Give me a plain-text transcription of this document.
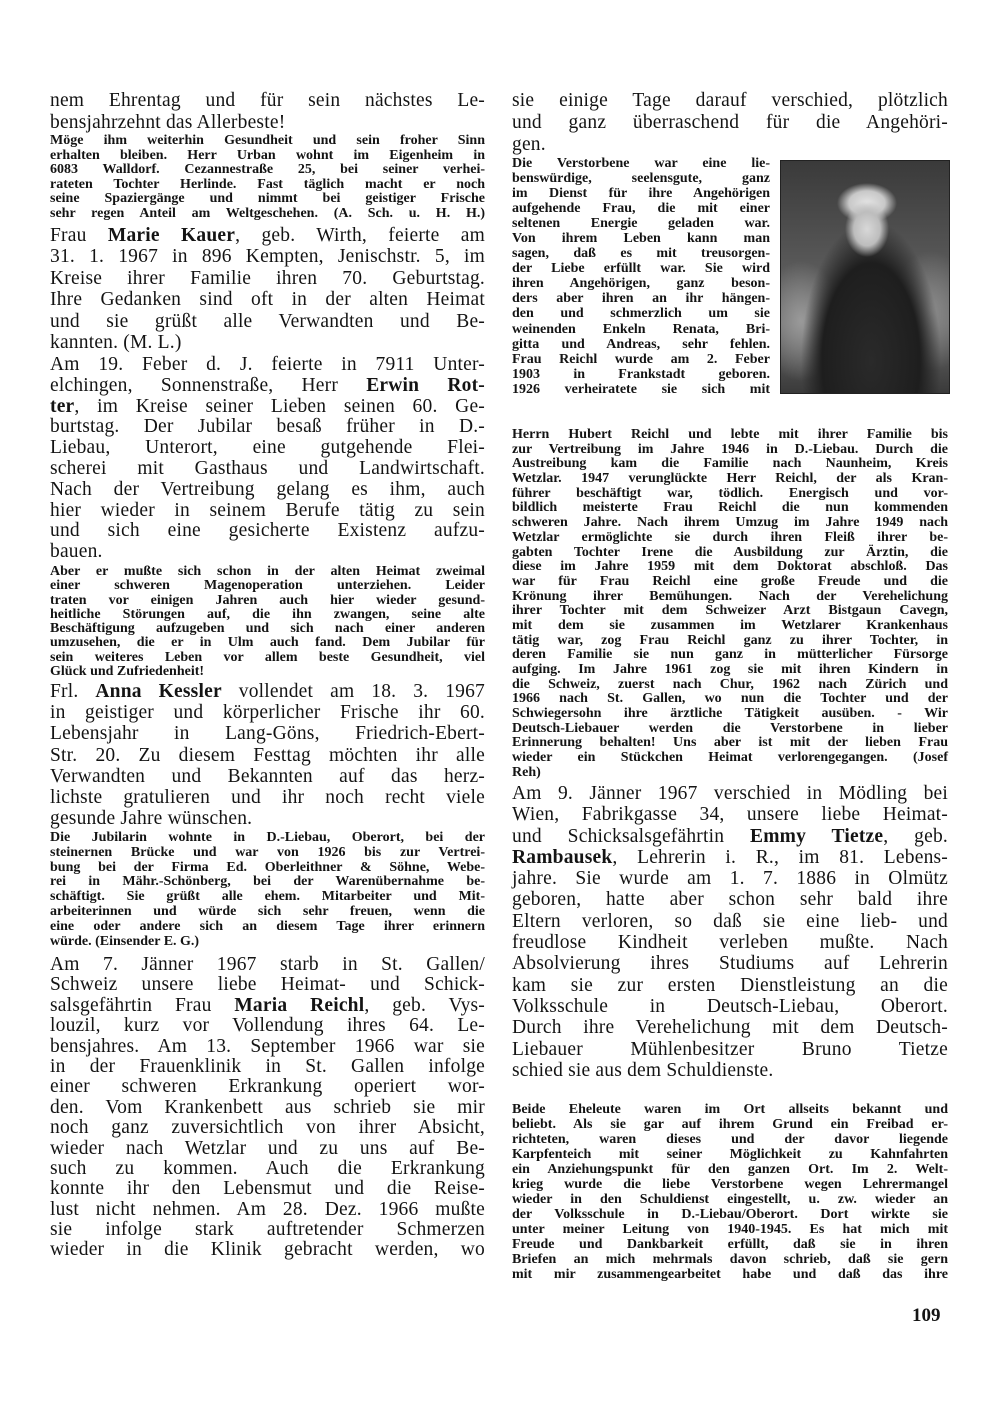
nem Ehrentag und für sein nächstes Le-
bensjahrzehnt das Allerbeste!
Möge ihm weiterhin Gesundheit und sein froher Sinn
erhalten bleiben. Herr Urban wohnt im Eigenheim in
6083 Walldorf. Cezannestraße 25, bei seiner verhei-
rateten Tochter Herlinde. Fast täglich macht er noch
seine Spaziergänge und nimmt bei geistiger Frische
sehr regen Anteil am Weltgeschehen. (A. Sch. u. H. H.)
Frau Marie Kauer, geb. Wirth, feierte am
31. 1. 1967 in 896 Kempten, Jenischstr. 5, im
Kreise ihrer Familie ihren 70. Geburtstag.
Ihre Gedanken sind oft in der alten Heimat
und sie grüßt alle Verwandten und Be-
kannten. (M. L.)
Am 19. Feber d. J. feierte in 7911 Unter-
elchingen, Sonnenstraße, Herr Erwin Rot-
ter, im Kreise seiner Lieben seinen 60. Ge-
burtstag. Der Jubilar besaß früher in D.-
Liebau, Unterort, eine gutgehende Flei-
scherei mit Gasthaus und Landwirtschaft.
Nach der Vertreibung gelang es ihm, auch
hier wieder in seinem Berufe tätig zu sein
und sich eine gesicherte Existenz aufzu-
bauen.
Aber er mußte sich schon in der alten Heimat zweimal
einer schweren Magenoperation unterziehen. Leider
traten vor einigen Jahren auch hier wieder gesund-
heitliche Störungen auf, die ihn zwangen, seine alte
Beschäftigung aufzugeben und sich nach einer anderen
umzusehen, die er in Ulm auch fand. Dem Jubilar für
sein weiteres Leben vor allem beste Gesundheit, viel
Glück und Zufriedenheit!
Frl. Anna Kessler vollendet am 18. 3. 1967
in geistiger und körperlicher Frische ihr 60.
Lebensjahr in Lang-Göns, Friedrich-Ebert-
Str. 20. Zu diesem Festtag möchten ihr alle
Verwandten und Bekannten auf das herz-
lichste gratulieren und ihr noch recht viele
gesunde Jahre wünschen.
Die Jubilarin wohnte in D.-Liebau, Oberort, bei der
steinernen Brücke und war von 1926 bis zur Vertrei-
bung bei der Firma Ed. Oberleithner & Söhne, Webe-
rei in Mähr.-Schönberg, bei der Warenübernahme be-
schäftigt. Sie grüßt alle ehem. Mitarbeiter und Mit-
arbeiterinnen und würde sich sehr freuen, wenn die
eine oder andere sich an diesem Tage ihrer erinnern
würde. (Einsender E. G.)
Am 7. Jänner 1967 starb in St. Gallen/
Schweiz unsere liebe Heimat- und Schick-
salsgefährtin Frau Maria Reichl, geb. Vys-
louzil, kurz vor Vollendung ihres 64. Le-
bensjahres. Am 13. September 1966 war sie
in der Frauenklinik in St. Gallen infolge
einer schweren Erkrankung operiert wor-
den. Vom Krankenbett aus schrieb sie mir
noch ganz zuversichtlich von ihrer Absicht,
wieder nach Wetzlar und zu uns auf Be-
such zu kommen. Auch die Erkrankung
konnte ihr den Lebensmut und die Reise-
lust nicht nehmen. Am 28. Dez. 1966 mußte
sie infolge stark auftretender Schmerzen
wieder in die Klinik gebracht werden, wo
sie einige Tage darauf verschied, plötzlich
und ganz überraschend für die Angehöri-
gen.
Die Verstorbene war eine lie-
benswürdige, seelensgute, ganz
im Dienst für ihre Angehörigen
aufgehende Frau, die mit einer
seltenen Energie geladen war.
Von ihrem Leben kann man
sagen, daß es mit treusorgen-
der Liebe erfüllt war. Sie wird
ihren Angehörigen, ganz beson-
ders aber ihren an ihr hängen-
den und schmerzlich um sie
weinenden Enkeln Renata, Bri-
gitta und Andreas, sehr fehlen.
Frau Reichl wurde am 2. Feber
1903 in Frankstadt geboren.
1926 verheiratete sie sich mit
Herrn Hubert Reichl und lebte mit ihrer Familie bis
zur Vertreibung im Jahre 1946 in D.-Liebau. Durch die
Austreibung kam die Familie nach Naunheim, Kreis
Wetzlar. 1947 verunglückte Herr Reichl, der als Kran-
führer beschäftigt war, tödlich. Energisch und vor-
bildlich meisterte Frau Reichl die nun kommenden
schweren Jahre. Nach ihrem Umzug im Jahre 1949 nach
Wetzlar ermöglichte sie durch ihren Fleiß ihrer be-
gabten Tochter Irene die Ausbildung zur Ärztin, die
diese im Jahre 1959 mit dem Doktorat abschloß. Das
war für Frau Reichl eine große Freude und die
Krönung ihrer Bemühungen. Nach der Verehelichung
ihrer Tochter mit dem Schweizer Arzt Bistgaun Cavegn,
mit dem sie zusammen im Wetzlarer Krankenhaus
tätig war, zog Frau Reichl ganz zu ihrer Tochter, in
deren Familie sie nun ganz in mütterlicher Fürsorge
aufging. Im Jahre 1961 zog sie mit ihren Kindern in
die Schweiz, zuerst nach Chur, 1962 nach Zürich und
1966 nach St. Gallen, wo nun die Tochter und der
Schwiegersohn ihre ärztliche Tätigkeit ausüben. - Wir
Deutsch-Liebauer werden die Verstorbene in lieber
Erinnerung behalten! Uns aber ist mit der lieben Frau
wieder ein Stückchen Heimat verlorengegangen. (Josef
Reh)
Am 9. Jänner 1967 verschied in Mödling bei
Wien, Fabrikgasse 34, unsere liebe Heimat-
und Schicksalsgefährtin Emmy Tietze, geb.
Rambausek, Lehrerin i. R., im 81. Lebens-
jahre. Sie wurde am 1. 7. 1886 in Olmütz
geboren, hatte aber schon sehr bald ihre
Eltern verloren, so daß sie eine lieb- und
freudlose Kindheit verleben mußte. Nach
Absolvierung ihres Studiums auf Lehrerin
kam sie zur ersten Dienstleistung an die
Volksschule in Deutsch-Liebau, Oberort.
Durch ihre Verehelichung mit dem Deutsch-
Liebauer Mühlenbesitzer Bruno Tietze
schied sie aus dem Schuldienste.
Beide Eheleute waren im Ort allseits bekannt und
beliebt. Als sie gar auf ihrem Grund ein Freibad er-
richteten, waren dieses und der davor liegende
Karpfenteich mit seiner Möglichkeit zu Kahnfahrten
ein Anziehungspunkt für den ganzen Ort. Im 2. Welt-
krieg wurde die liebe Verstorbene wegen Lehrermangel
wieder in den Schuldienst eingestellt, u. zw. wieder an
der Volksschule in D.-Liebau/Oberort. Dort wirkte sie
unter meiner Leitung von 1940-1945. Es hat mich mit
Freude und Dankbarkeit erfüllt, daß sie in ihren
Briefen an mich mehrmals davon schrieb, daß sie gern
mit mir zusammengearbeitet habe und daß das ihre
109
